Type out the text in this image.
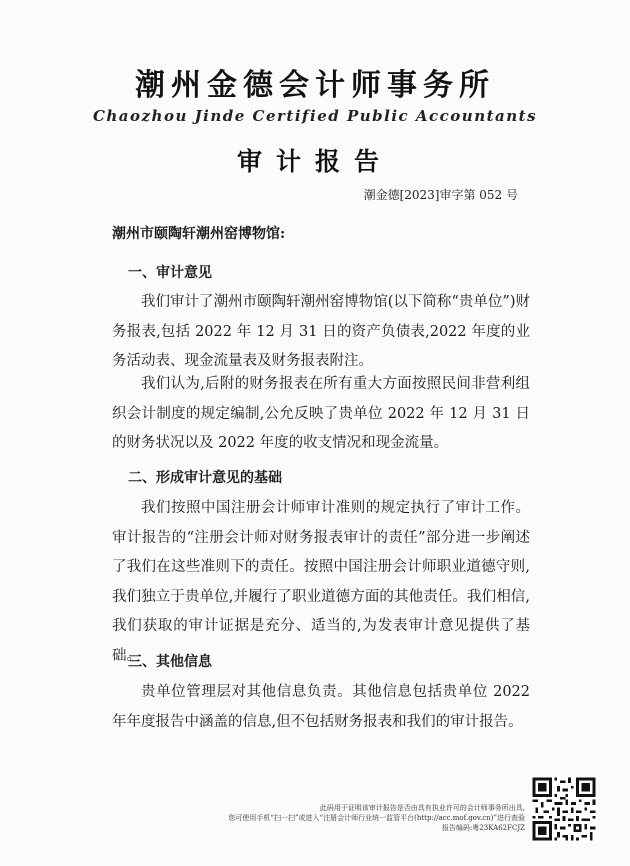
潮州金德会计师事务所
Chaozhou Jinde Certified Public Accountants
审计报告
潮金德[2023]审字第 052 号
潮州市颐陶轩潮州窑博物馆:
一、审计意见

我们审计了潮州市颐陶轩潮州窑博物馆(以下简称“贵单位”)财务报表,包括 2022 年 12 月 31 日的资产负债表,2022 年度的业务活动表、现金流量表及财务报表附注。

我们认为,后附的财务报表在所有重大方面按照民间非营利组织会计制度的规定编制,公允反映了贵单位 2022 年 12 月 31 日的财务状况以及 2022 年度的收支情况和现金流量。

二、形成审计意见的基础

我们按照中国注册会计师审计准则的规定执行了审计工作。审计报告的“注册会计师对财务报表审计的责任”部分进一步阐述了我们在这些准则下的责任。按照中国注册会计师职业道德守则,我们独立于贵单位,并履行了职业道德方面的其他责任。我们相信,我们获取的审计证据是充分、适当的,为发表审计意见提供了基础。

三、其他信息

贵单位管理层对其他信息负责。其他信息包括贵单位 2022 年年度报告中涵盖的信息,但不包括财务报表和我们的审计报告。

此码用于证明该审计报告是否由具有执业许可的会计师事务所出具,
您可使用手机“扫一扫”或进入“注册会计师行业统一监管平台(http://acc.mof.gov.cn)”进行查验
报告编码:粤23KA62FCJZ
